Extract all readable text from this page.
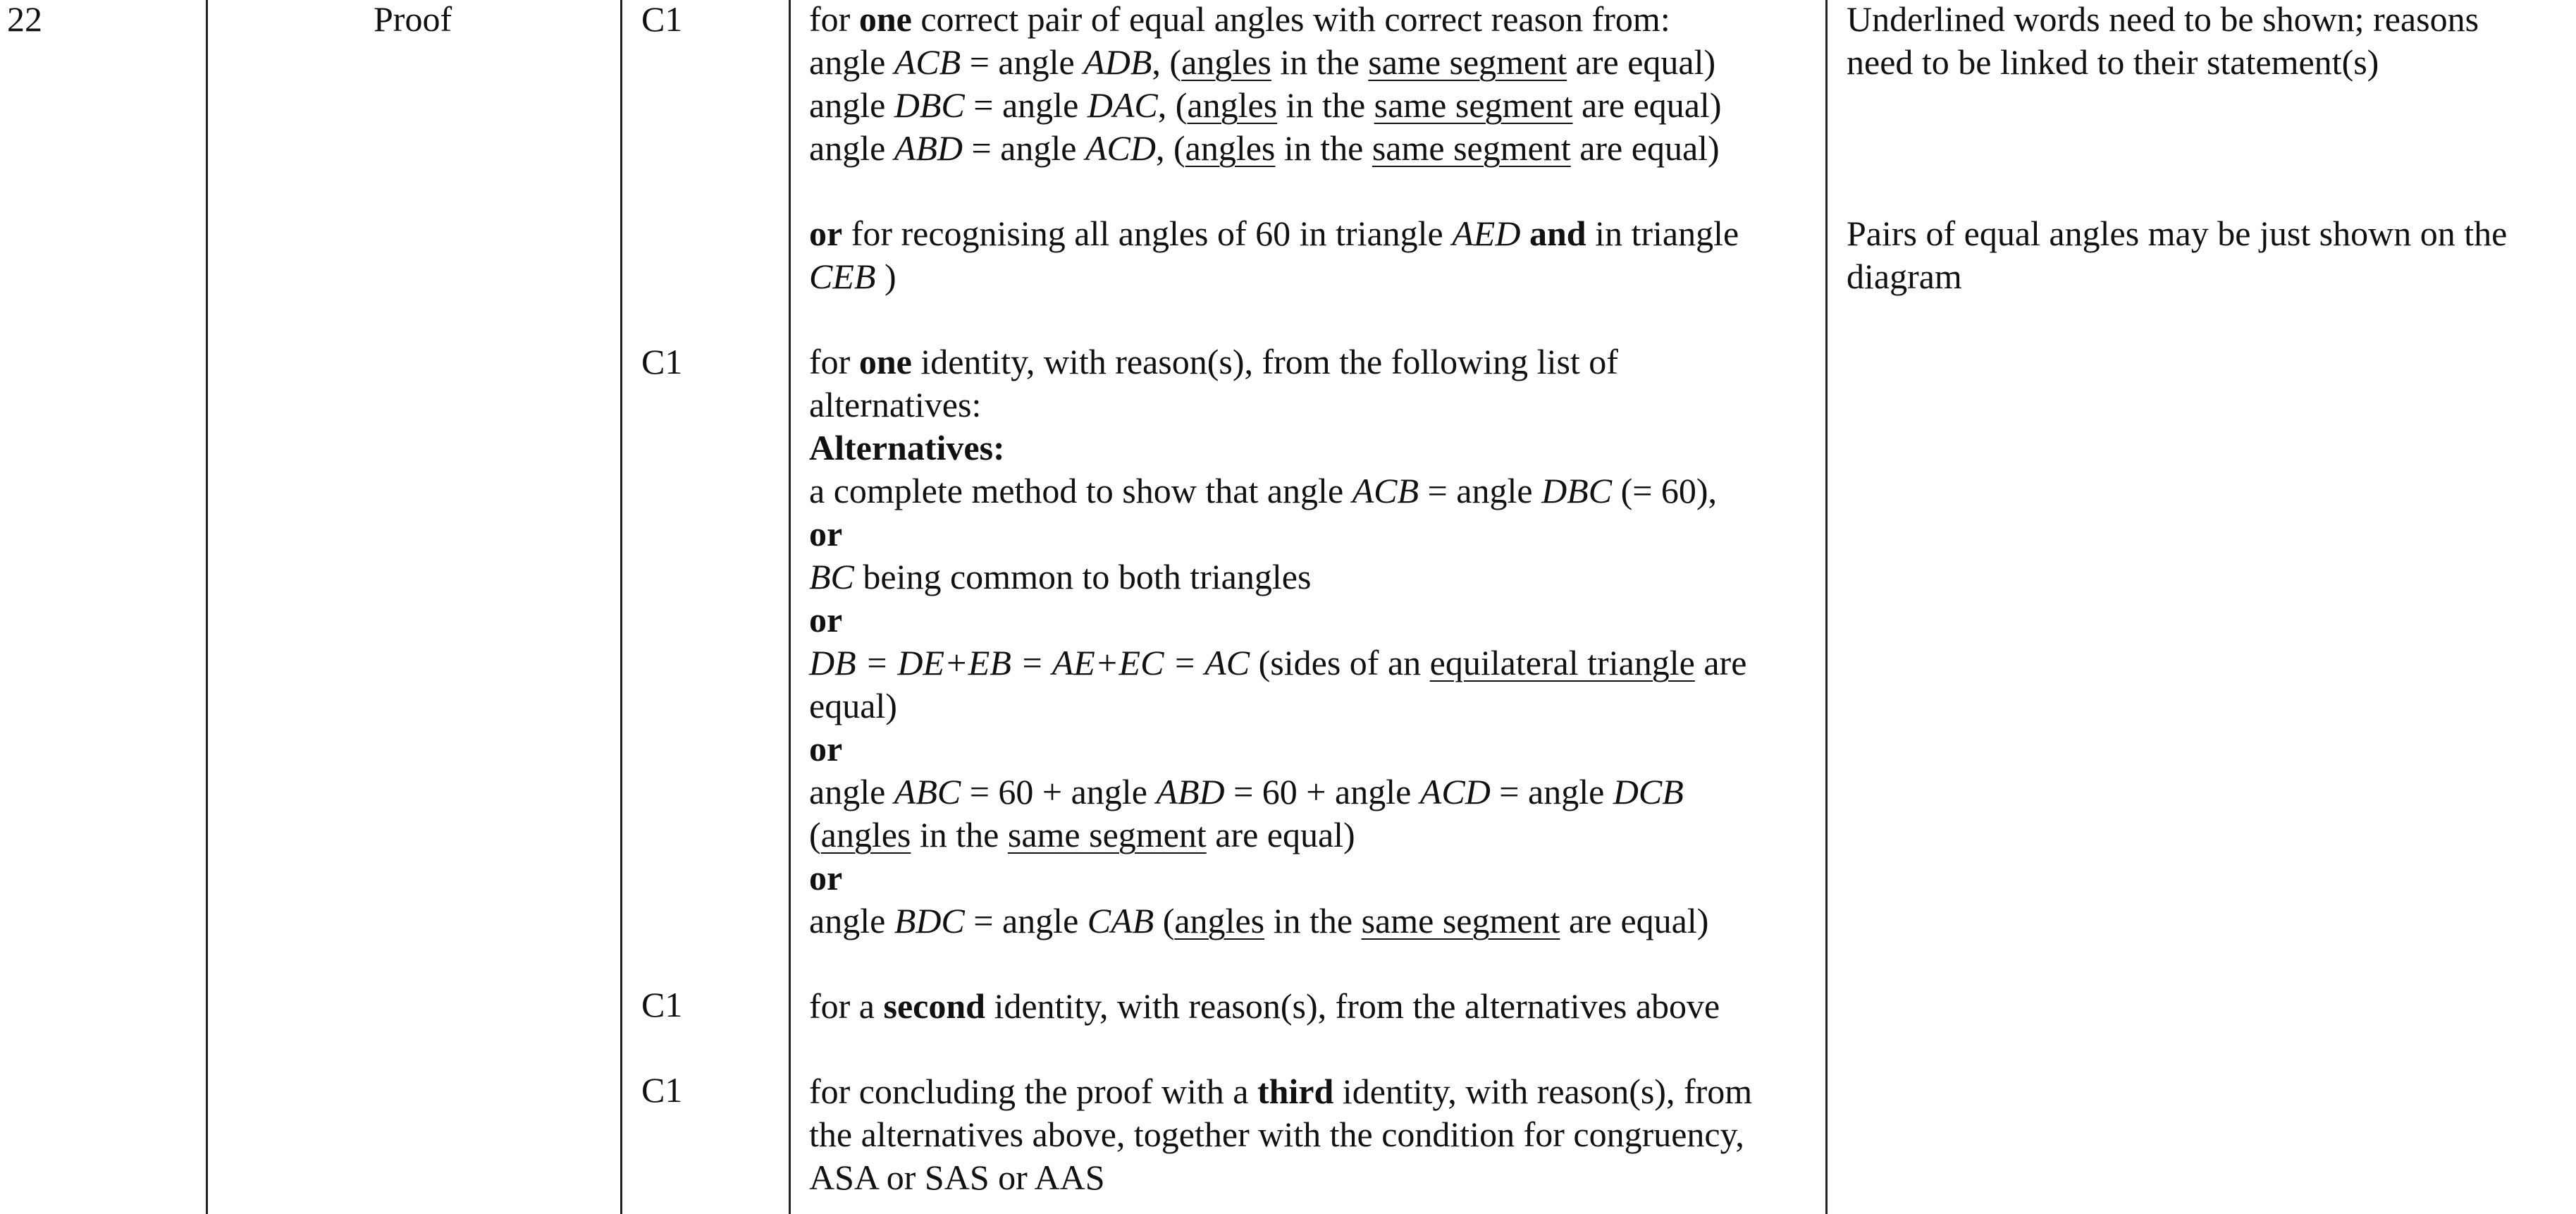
22	Proof	C1
C1
C1
C1
for one correct pair of equal angles with correct reason from:
angle ACB = angle ADB, (angles in the same segment are equal)
angle DBC = angle DAC, (angles in the same segment are equal)
angle ABD = angle ACD, (angles in the same segment are equal)
or for recognising all angles of 60 in triangle AED and in triangle
CEB )
for one identity, with reason(s), from the following list of
alternatives:
Alternatives:
a complete method to show that angle ACB = angle DBC (= 60),
or
BC being common to both triangles
or
DB = DE+EB = AE+EC = AC (sides of an equilateral triangle are
equal)
or
angle ABC = 60 + angle ABD = 60 + angle ACD = angle DCB
(angles in the same segment are equal)
or
angle BDC = angle CAB (angles in the same segment are equal)
for a second identity, with reason(s), from the alternatives above
for concluding the proof with a third identity, with reason(s), from
the alternatives above, together with the condition for congruency,
ASA or SAS or AAS
Underlined words need to be shown; reasons
need to be linked to their statement(s)
Pairs of equal angles may be just shown on the
diagram
